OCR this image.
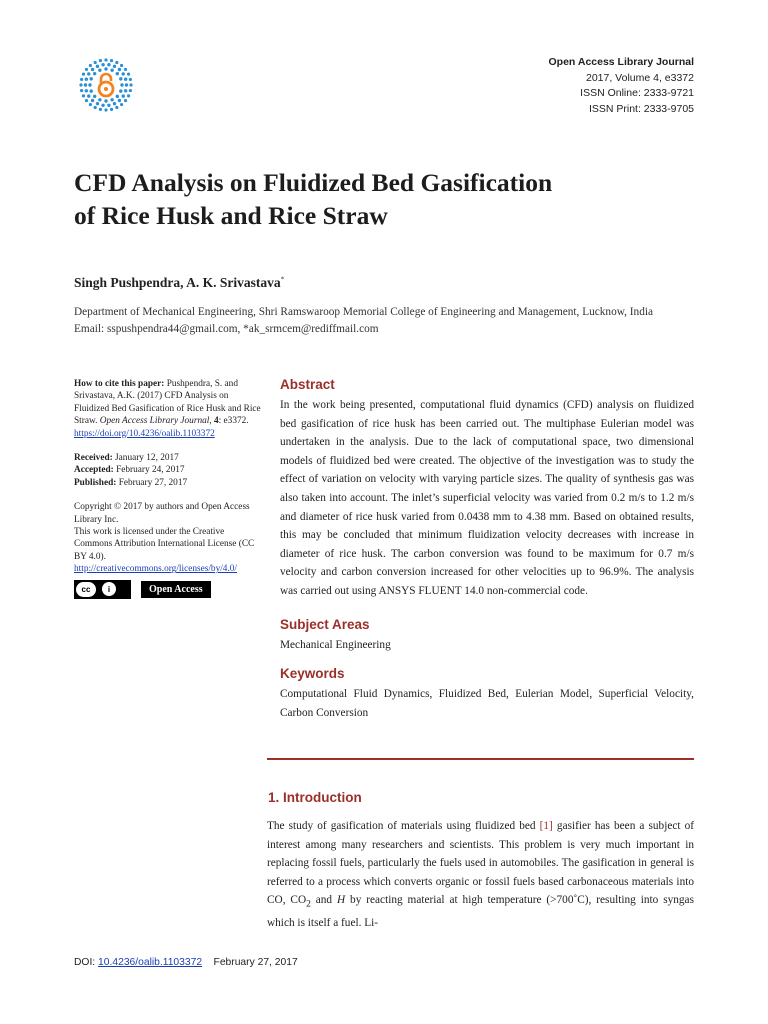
Open Access Library Journal
2017, Volume 4, e3372
ISSN Online: 2333-9721
ISSN Print: 2333-9705
CFD Analysis on Fluidized Bed Gasification
of Rice Husk and Rice Straw
Singh Pushpendra, A. K. Srivastava*
Department of Mechanical Engineering, Shri Ramswaroop Memorial College of Engineering and Management, Lucknow, India
Email: sspushpendra44@gmail.com, *ak_srmcem@rediffmail.com

How to cite this paper: Pushpendra, S. and Srivastava, A.K. (2017) CFD Analysis on Fluidized Bed Gasification of Rice Husk and Rice Straw. Open Access Library Journal, 4: e3372.

https://doi.org/10.4236/oalib.1103372

Received: January 12, 2017

Accepted: February 24, 2017

Published: February 27, 2017

Copyright © 2017 by authors and Open Access Library Inc.

This work is licensed under the Creative Commons Attribution International License (CC BY 4.0).

http://creativecommons.org/licenses/by/4.0/

cc	i	Open Access
Abstract

In the work being presented, computational fluid dynamics (CFD) analysis on fluidized bed gasification of rice husk has been carried out. The multiphase Eulerian model was undertaken in the analysis. Due to the lack of computational space, two dimensional models of fluidized bed were created. The objective of the investigation was to study the effect of variation on velocity with varying particle sizes. The quality of synthesis gas was also taken into account. The inlet’s superficial velocity was varied from 0.2 m/s to 1.2 m/s and diameter of rice husk varied from 0.0438 mm to 4.38 mm. Based on obtained results, this may be concluded that minimum fluidization velocity decreases with increase in diameter of rice husk. The carbon conversion was found to be maximum for 0.7 m/s velocity and carbon conversion increased for other velocities up to 96.9%. The analysis was carried out using ANSYS FLUENT 14.0 non-commercial code.

Subject Areas

Mechanical Engineering

Keywords

Computational Fluid Dynamics, Fluidized Bed, Eulerian Model, Superficial Velocity, Carbon Conversion

1. Introduction

The study of gasification of materials using fluidized bed [1] gasifier has been a subject of interest among many researchers and scientists. This problem is very much important in replacing fossil fuels, particularly the fuels used in automobiles. The gasification in general is referred to a process which converts organic or fossil fuels based carbonaceous materials into CO, $CO_2$ and H by reacting material at high temperature (>700˚C), resulting into syngas which is itself a fuel. Li-

DOI: 10.4236/oalib.1103372 February 27, 2017
